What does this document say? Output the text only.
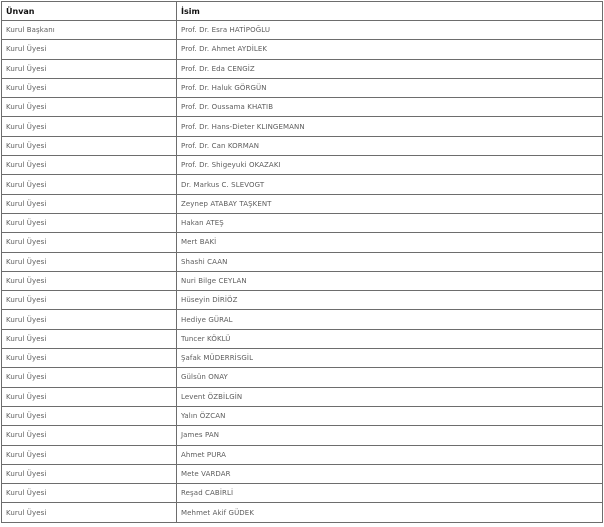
Ünvan	İsim
Kurul Başkanı	Prof. Dr. Esra HATİPOĞLU
Kurul Üyesi	Prof. Dr. Ahmet AYDİLEK
Kurul Üyesi	Prof. Dr. Eda CENGİZ
Kurul Üyesi	Prof. Dr. Haluk GÖRGÜN
Kurul Üyesi	Prof. Dr. Oussama KHATIB
Kurul Üyesi	Prof. Dr. Hans-Dieter KLINGEMANN
Kurul Üyesi	Prof. Dr. Can KORMAN
Kurul Üyesi	Prof. Dr. Shigeyuki OKAZAKI
Kurul Üyesi	Dr. Markus C. SLEVOGT
Kurul Üyesi	Zeynep ATABAY TAŞKENT
Kurul Üyesi	Hakan ATEŞ
Kurul Üyesi	Mert BAKİ
Kurul Üyesi	Shashi CAAN
Kurul Üyesi	Nuri Bilge CEYLAN
Kurul Üyesi	Hüseyin DİRİÖZ
Kurul Üyesi	Hediye GÜRAL
Kurul Üyesi	Tuncer KÖKLÜ
Kurul Üyesi	Şafak MÜDERRİSGİL
Kurul Üyesi	Gülsün ONAY
Kurul Üyesi	Levent ÖZBİLGİN
Kurul Üyesi	Yalın ÖZCAN
Kurul Üyesi	James PAN
Kurul Üyesi	Ahmet PURA
Kurul Üyesi	Mete VARDAR
Kurul Üyesi	Reşad CABİRLİ
Kurul Üyesi	Mehmet Akif GÜDEK
